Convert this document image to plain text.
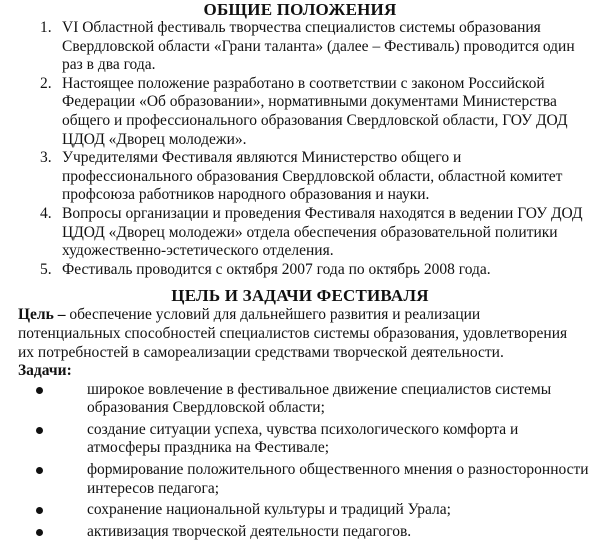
ОБЩИЕ ПОЛОЖЕНИЯ
1. VI Областной фестиваль творчества специалистов системы образования Свердловской области «Грани таланта» (далее – Фестиваль) проводится один раз в два года.
2. Настоящее положение разработано в соответствии с законом Российской Федерации «Об образовании», нормативными документами Министерства общего и профессионального образования Свердловской области, ГОУ ДОД ЦДОД «Дворец молодежи».
3. Учредителями Фестиваля являются Министерство общего и профессионального образования Свердловской области, областной комитет профсоюза работников народного образования и науки.
4. Вопросы организации и проведения Фестиваля находятся в ведении ГОУ ДОД ЦДОД «Дворец молодежи» отдела обеспечения образовательной политики художественно-эстетического отделения.
5. Фестиваль проводится с октября 2007 года по октябрь 2008 года.
ЦЕЛЬ И ЗАДАЧИ ФЕСТИВАЛЯ

Цель – обеспечение условий для дальнейшего развития и реализации потенциальных способностей специалистов системы образования, удовлетворения их потребностей в самореализации средствами творческой деятельности.

Задачи:
широкое вовлечение в фестивальное движение специалистов системы образования Свердловской области;
создание ситуации успеха, чувства психологического комфорта и атмосферы праздника на Фестивале;
формирование положительного общественного мнения о разносторонности интересов педагога;
сохранение национальной культуры и традиций Урала;
активизация творческой деятельности педагогов.
